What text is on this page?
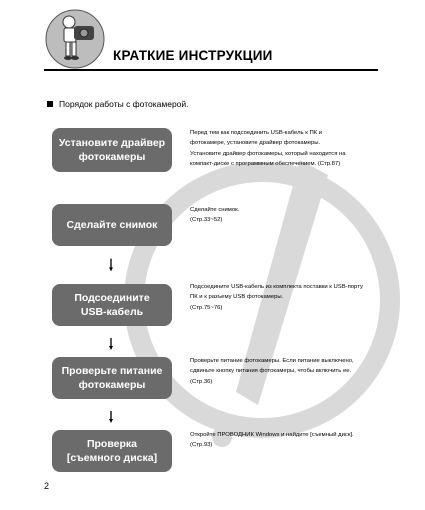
КРАТКИЕ ИНСТРУКЦИИ
Порядок работы с фотокамерой.
Установите драйвер
фотокамеры
Перед тем как подсоединить USB-кабель к ПК и
фотокамере, установите драйвер фотокамеры.
Установите драйвер фотокамеры, который находится на
компакт-диске с программным обеспечением. (Стр.87)
Сделайте снимок
Сделайте снимок.
(Стр.33~52)
Подсоедините
USB-кабель
Подсоедините USB-кабель из комплекта поставки к USB-порту
ПК и к разъему USB фотокамеры.
(Стр.75~76)
Проверьте питание
фотокамеры
Проверьте питание фотокамеры. Если питание выключено,
сдвиньте кнопку питания фотокамеры, чтобы включить ее.
(Стр.36)
Проверка
[съемного диска]
Откройте ПРОВОДНИК Windows и найдите [съемный диск].
(Стр.93)
2
